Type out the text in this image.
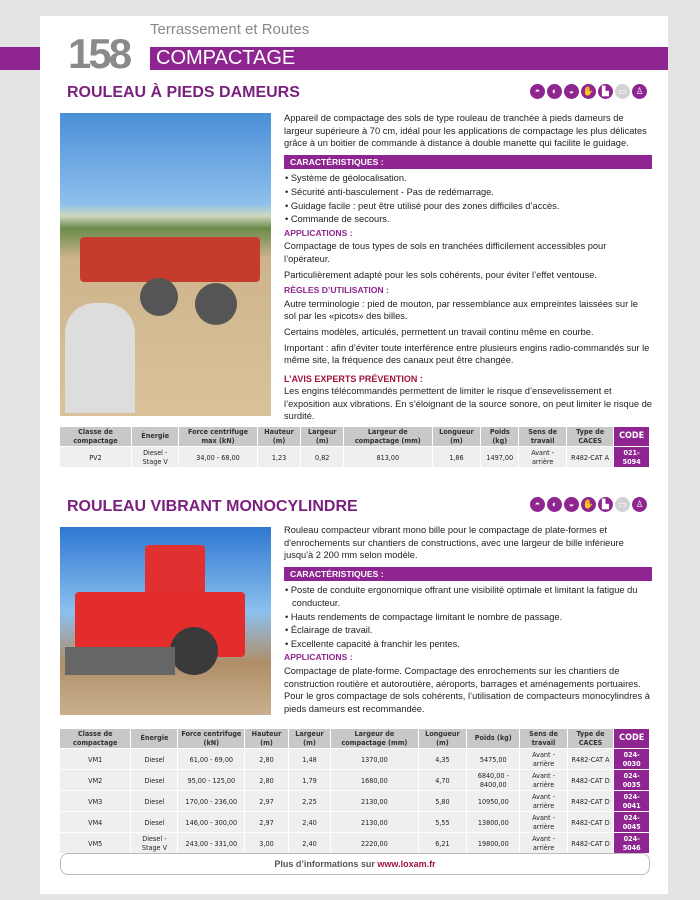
158
Terrassement et Routes
COMPACTAGE
ROULEAU À PIEDS DAMEURS	◓	◐	◒ ✋ ▙	▭ ♙

Appareil de compactage des sols de type rouleau de tranchée à pieds dameurs de largeur supérieure à 70 cm, idéal pour les applications de compactage les plus délicates grâce à un boitier de commande à distance à double manette qui facilite le guidage.

CARACTÉRISTIQUES :
• Système de géolocalisation.
• Sécurité anti-basculement - Pas de redémarrage.
• Guidage facile : peut être utilisé pour des zones difficiles d’accès.
• Commande de secours.
APPLICATIONS :

Compactage de tous types de sols en tranchées difficilement accessibles pour l’opérateur.

Particulièrement adapté pour les sols cohérents, pour éviter l’effet ventouse.

RÈGLES D’UTILISATION :

Autre terminologie : pied de mouton, par ressemblance aux empreintes laissées sur le sol par les «picots» des billes.

Certains modèles, articulés, permettent un travail continu même en courbe.

Important : afin d’éviter toute interférence entre plusieurs engins radio-commandés sur le même site, la fréquence des canaux peut être changée.

L’AVIS EXPERTS PRÉVENTION :

Les engins télécommandés permettent de limiter le risque d’ensevelissement et l’exposition aux vibrations. En s’éloignant de la source sonore, on peut limiter le risque de surdité.

Classe de compactage	Énergie	Force centrifuge max (kN)	Hauteur (m)	Largeur (m)	Largeur de compactage (mm)	Longueur (m)	Poids (kg)	Sens de travail	Type de CACES	CODE
PV2	Diesel - Stage V	34,00 - 68,00	1,23	0,82	813,00	1,86	1497,00	Avant - arrière	R482-CAT A	021-5094
ROULEAU VIBRANT MONOCYLINDRE	◓	◐	◒ ✋ ▙	▭ ♙

Rouleau compacteur vibrant mono bille pour le compactage de plate-formes et d'enrochements sur chantiers de constructions, avec une largeur de bille inférieure jusqu'à 2 200 mm selon modèle.

CARACTÉRISTIQUES :
• Poste de conduite ergonomique offrant une visibilité optimale et limitant la fatigue du conducteur.
• Hauts rendements de compactage limitant le nombre de passage.
• Éclairage de travail.
• Excellente capacité à franchir les pentes.
APPLICATIONS :

Compactage de plate-forme. Compactage des enrochements sur les chantiers de construction routière et autoroutière, aéroports, barrages et aménagements portuaires. Pour le gros compactage de sols cohérents, l’utilisation de compacteurs monocylindres à pieds dameurs est recommandée.

Classe de compactage	Énergie	Force centrifuge (kN)	Hauteur (m)	Largeur (m)	Largeur de compactage (mm)	Longueur (m)	Poids (kg)	Sens de travail	Type de CACES	CODE
VM1	Diesel	61,00 - 69,00	2,80	1,48	1370,00	4,35	5475,00	Avant - arrière	R482-CAT A	024-0030
VM2	Diesel	95,00 - 125,00	2,80	1,79	1680,00	4,70	6840,00 - 8400,00	Avant - arrière	R482-CAT D	024-0035
VM3	Diesel	170,00 - 236,00	2,97	2,25	2130,00	5,80	10950,00	Avant - arrière	R482-CAT D	024-0041
VM4	Diesel	146,00 - 300,00	2,97	2,40	2130,00	5,55	13800,00	Avant - arrière	R482-CAT D	024-0045
VM5	Diesel - Stage V	243,00 - 331,00	3,00	2,40	2220,00	6,21	19800,00	Avant - arrière	R482-CAT D	024-5046
Plus d’informations sur www.loxam.fr
